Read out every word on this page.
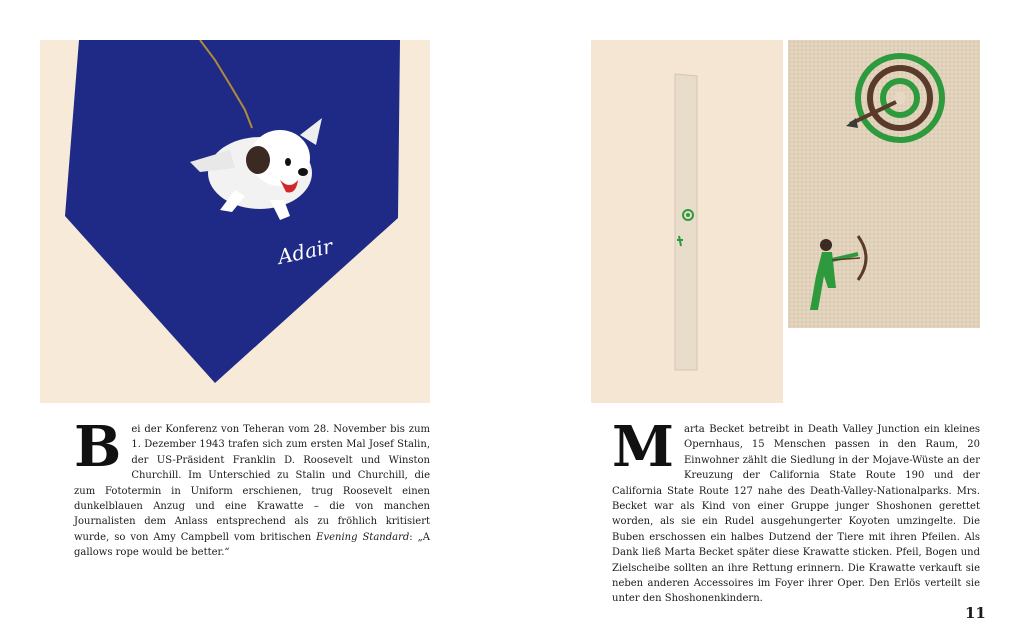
Adair
B ei der Konferenz von Teheran vom 28. November bis zum 1. Dezember 1943 trafen sich zum ersten Mal Josef Stalin, der US-Präsident Franklin D. Roosevelt und Winston Churchill. Im Unterschied zu Stalin und Churchill, die zum Fototermin in Uniform erschienen, trug Roosevelt einen dunkelblauen Anzug und eine Krawatte – die von manchen Journalisten dem Anlass entsprechend als zu fröhlich kritisiert wurde, so von Amy Campbell vom britischen Evening Standard: „A gallows rope would be better.“
M arta Becket betreibt in Death Valley Junction ein kleines Opernhaus, 15 Menschen passen in den Raum, 20 Einwohner zählt die Siedlung in der Mojave-Wüste an der Kreuzung der California State Route 190 und der California State Route 127 nahe des Death-Valley-Nationalparks. Mrs. Becket war als Kind von einer Gruppe junger Shoshonen gerettet worden, als sie ein Rudel ausgehungerter Koyoten umzingelte. Die Buben erschossen ein halbes Dutzend der Tiere mit ihren Pfeilen. Als Dank ließ Marta Becket später diese Krawatte sticken. Pfeil, Bogen und Zielscheibe sollten an ihre Rettung erinnern. Die Krawatte verkauft sie neben anderen Accessoires im Foyer ihrer Oper. Den Erlös verteilt sie unter den Shoshonenkindern.
11
